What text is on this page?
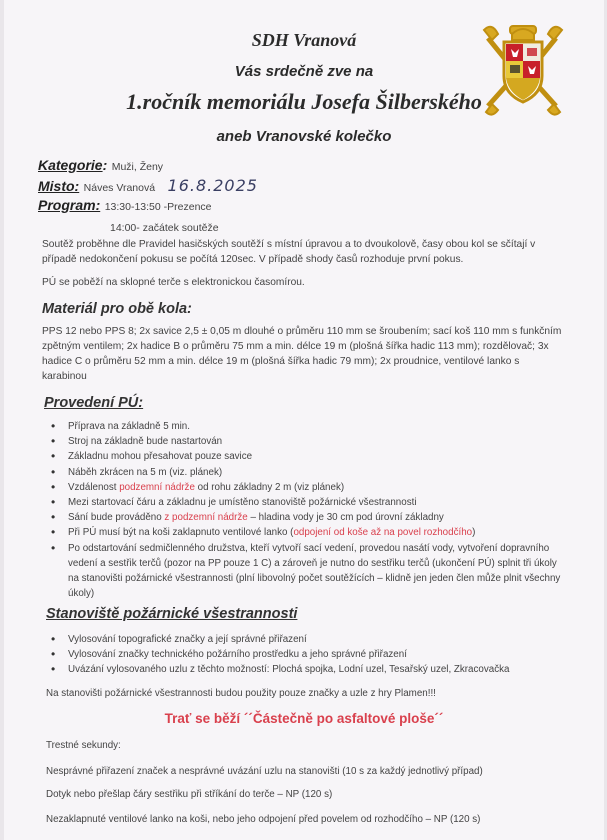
SDH Vranová
Vás srdečně zve na
1.ročník memoriálu Josefa Šilberského
aneb Vranovské kolečko
Kategorie: Muži, Ženy
Misto: Náves Vranová 16.8.2025
Program: 13:30-13:50 -Prezence
14:00- začátek soutěže
Soutěž proběhne dle Pravidel hasičských soutěží s místní úpravou a to dvoukolově, časy obou kol se sčítají v případě nedokončení pokusu se počítá 120sec. V případě shody časů rozhoduje první pokus.
PÚ se poběží na sklopné terče s elektronickou časomírou.
Materiál pro obě kola:
PPS 12 nebo PPS 8; 2x savice 2,5 ± 0,05 m dlouhé o průměru 110 mm se šroubením; sací koš 110 mm s funkčním zpětným ventilem; 2x hadice B o průměru 75 mm a min. délce 19 m (plošná šířka hadic 113 mm); rozdělovač; 3x hadice C o průměru 52 mm a min. délce 19 m (plošná šířka hadic 79 mm); 2x proudnice, ventilové lanko s karabinou
Provedení PÚ:
• Příprava na základně 5 min.
• Stroj na základně bude nastartován
• Základnu mohou přesahovat pouze savice
• Náběh zkrácen na 5 m (viz. plánek)
• Vzdálenost podzemní nádrže od rohu základny 2 m (viz plánek)
• Mezi startovací čáru a základnu je umístěno stanoviště požárnické všestrannosti
• Sání bude prováděno z podzemní nádrže – hladina vody je 30 cm pod úrovní základny
• Při PÚ musí být na koši zaklapnuto ventilové lanko (odpojení od koše až na povel rozhodčího)
• Po odstartování sedmičlenného družstva, kteří vytvoří sací vedení, provedou nasátí vody, vytvoření dopravního vedení a sestřik terčů (pozor na PP pouze 1 C) a zároveň je nutno do sestřiku terčů (ukončení PÚ) splnit tři úkoly na stanovišti požárnické všestrannosti (plní libovolný počet soutěžících – klidně jen jeden člen může plnit všechny úkoly)
Stanoviště požárnické všestrannosti
• Vylosování topografické značky a její správné přiřazení
• Vylosování značky technického požárního prostředku a jeho správné přiřazení
• Uvázání vylosovaného uzlu z těchto možností: Plochá spojka, Lodní uzel, Tesařský uzel, Zkracovačka
Na stanovišti požárnické všestrannosti budou použity pouze značky a uzle z hry Plamen!!!
Trať se běží ´´Částečně po asfaltové ploše´´
Trestné sekundy:
Nesprávné přiřazení značek a nesprávné uvázání uzlu na stanovišti (10 s za každý jednotlivý případ)
Dotyk nebo přešlap čáry sestřiku při stříkání do terče – NP (120 s)
Nezaklapnuté ventilové lanko na koši, nebo jeho odpojení před povelem od rozhodčího – NP (120 s)
